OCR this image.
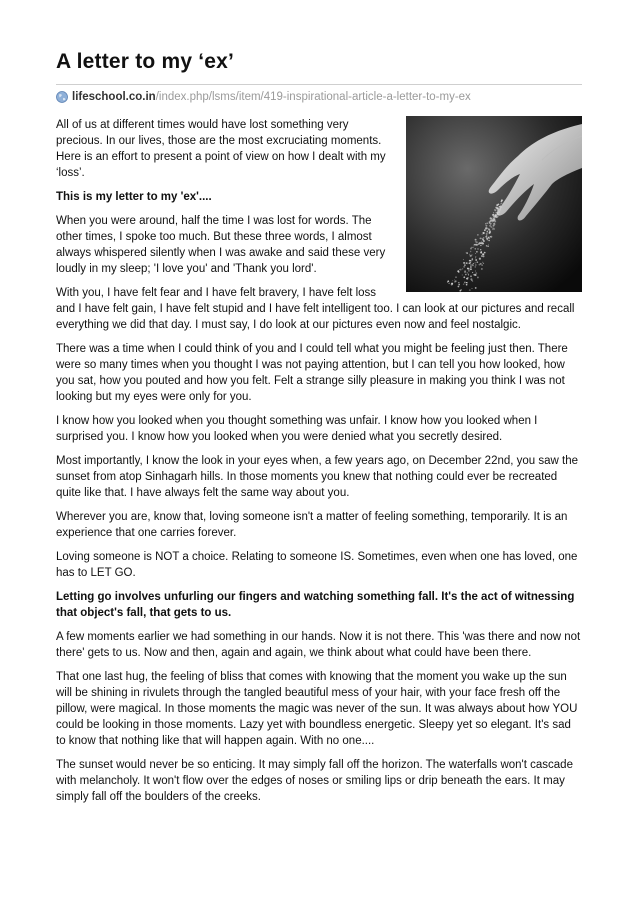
A letter to my ‘ex’
lifeschool.co.in /index.php/lsms/item/419-inspirational-article-a-letter-to-my-ex

All of us at different times would have lost something very precious. In our lives, those are the most excruciating moments. Here is an effort to present a point of view on how I dealt with my ‘loss’.

This is my letter to my 'ex'....

When you were around, half the time I was lost for words. The other times, I spoke too much. But these three words, I almost always whispered silently when I was awake and said these very loudly in my sleep; 'I love you' and 'Thank you lord'.

With you, I have felt fear and I have felt bravery, I have felt loss and I have felt gain, I have felt stupid and I have felt intelligent too. I can look at our pictures and recall everything we did that day. I must say, I do look at our pictures even now and feel nostalgic.

There was a time when I could think of you and I could tell what you might be feeling just then. There were so many times when you thought I was not paying attention, but I can tell you how looked, how you sat, how you pouted and how you felt. Felt a strange silly pleasure in making you think I was not looking but my eyes were only for you.

I know how you looked when you thought something was unfair. I know how you looked when I surprised you. I know how you looked when you were denied what you secretly desired.

Most importantly, I know the look in your eyes when, a few years ago, on December 22nd, you saw the sunset from atop Sinhagarh hills. In those moments you knew that nothing could ever be recreated quite like that. I have always felt the same way about you.

Wherever you are, know that, loving someone isn't a matter of feeling something, temporarily. It is an experience that one carries forever.

Loving someone is NOT a choice. Relating to someone IS. Sometimes, even when one has loved, one has to LET GO.

Letting go involves unfurling our fingers and watching something fall. It's the act of witnessing that object's fall, that gets to us.

A few moments earlier we had something in our hands. Now it is not there. This 'was there and now not there' gets to us. Now and then, again and again, we think about what could have been there.

That one last hug, the feeling of bliss that comes with knowing that the moment you wake up the sun will be shining in rivulets through the tangled beautiful mess of your hair, with your face fresh off the pillow, were magical. In those moments the magic was never of the sun. It was always about how YOU could be looking in those moments. Lazy yet with boundless energetic. Sleepy yet so elegant. It's sad to know that nothing like that will happen again. With no one....

The sunset would never be so enticing. It may simply fall off the horizon. The waterfalls won't cascade with melancholy. It won't flow over the edges of noses or smiling lips or drip beneath the ears. It may simply fall off the boulders of the creeks.
